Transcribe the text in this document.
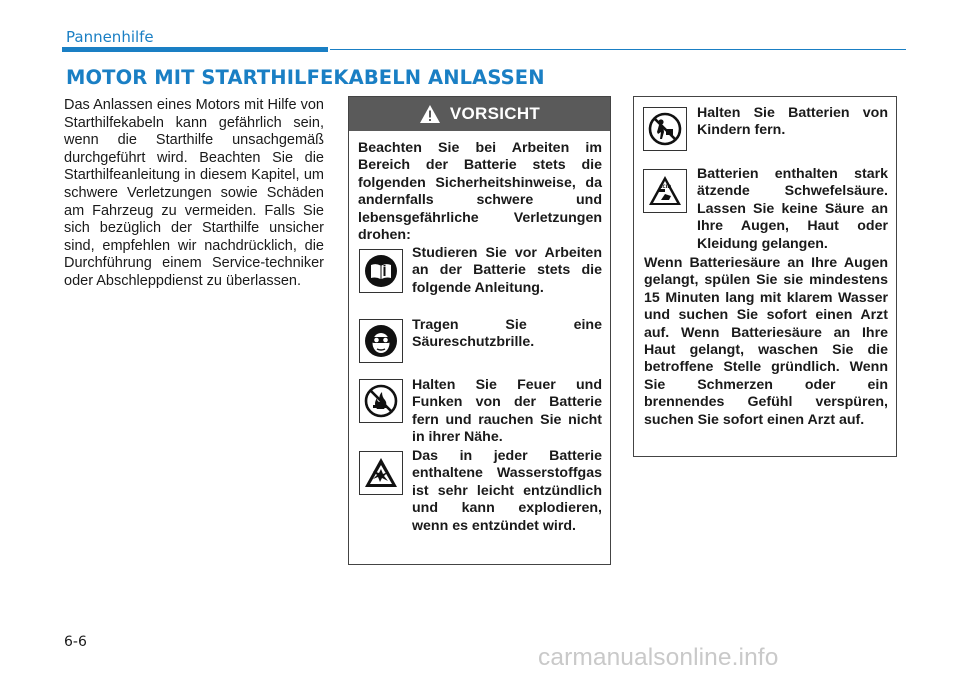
Pannenhilfe
MOTOR MIT STARTHILFEKABELN ANLASSEN

Das Anlassen eines Motors mit Hilfe von Starthilfekabeln kann gefährlich sein, wenn die Starthilfe unsachgemäß durchgeführt wird. Beachten Sie die Starthilfeanleitung in diesem Kapitel, um schwere Verletzungen sowie Schäden am Fahrzeug zu vermeiden. Falls Sie sich bezüglich der Starthilfe unsicher sind, empfehlen wir nachdrücklich, die Durchführung einem Service-techniker oder Abschleppdienst zu überlassen.

VORSICHT
Beachten Sie bei Arbeiten im Bereich der Batterie stets die folgenden Sicherheitshinweise, da andernfalls schwere und lebensgefährliche Verletzungen drohen:
Studieren Sie vor Arbeiten an der Batterie stets die folgende Anleitung.
Tragen Sie eine Säureschutzbrille.
Halten Sie Feuer und Funken von der Batterie fern und rauchen Sie nicht in ihrer Nähe.
Das in jeder Batterie enthaltene Wasserstoffgas ist sehr leicht entzündlich und kann explodieren, wenn es entzündet wird.
Halten Sie Batterien von Kindern fern.
ACID
Batterien enthalten stark ätzende Schwefelsäure. Lassen Sie keine Säure an Ihre Augen, Haut oder Kleidung gelangen.
Wenn Batteriesäure an Ihre Augen gelangt, spülen Sie sie mindestens 15 Minuten lang mit klarem Wasser und suchen Sie sofort einen Arzt auf. Wenn Batteriesäure an Ihre Haut gelangt, waschen Sie die betroffene Stelle gründlich. Wenn Sie Schmerzen oder ein brennendes Gefühl verspüren, suchen Sie sofort einen Arzt auf.
6-6
carmanualsonline.info
